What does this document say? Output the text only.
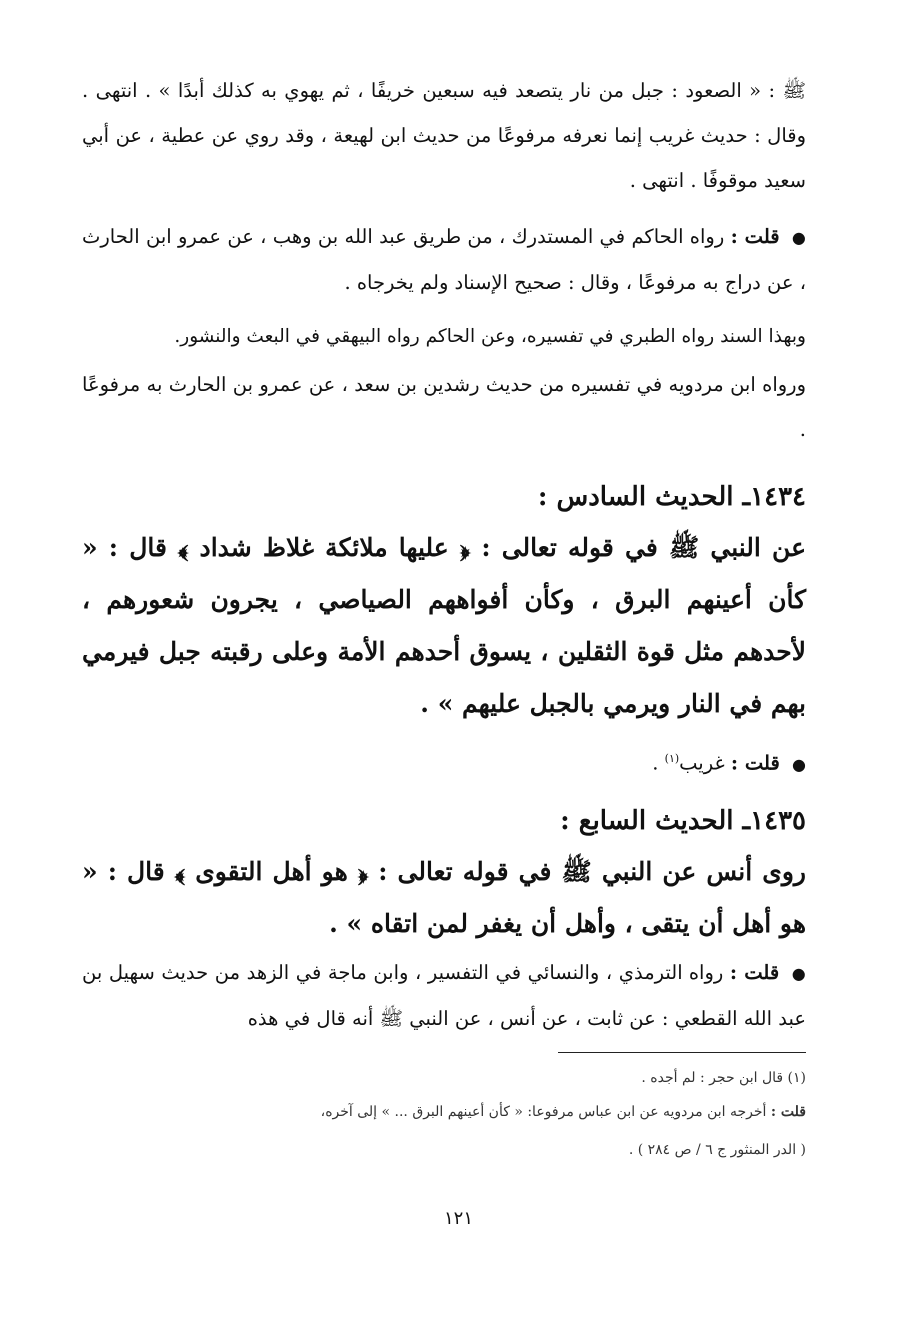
ﷺ : « الصعود : جبل من نار يتصعد فيه سبعين خريفًا ، ثم يهوي به كذلك أبدًا » . انتهى . وقال : حديث غريب إنما نعرفه مرفوعًا من حديث ابن لهيعة ، وقد روي عن عطية ، عن أبي سعيد موقوفًا . انتهى .

● قلت : رواه الحاكم في المستدرك ، من طريق عبد الله بن وهب ، عن عمرو ابن الحارث ، عن دراج به مرفوعًا ، وقال : صحيح الإسناد ولم يخرجاه .

وبهذا السند رواه الطبري في تفسيره، وعن الحاكم رواه البيهقي في البعث والنشور.

ورواه ابن مردويه في تفسيره من حديث رشدين بن سعد ، عن عمرو بن الحارث به مرفوعًا .

١٤٣٤ـ الحديث السادس :

عن النبي ﷺ في قوله تعالى : ﴿ عليها ملائكة غلاظ شداد ﴾ قال : « كأن أعينهم البرق ، وكأن أفواههم الصياصي ، يجرون شعورهم ، لأحدهم مثل قوة الثقلين ، يسوق أحدهم الأمة وعلى رقبته جبل فيرمي بهم في النار ويرمي بالجبل عليهم » .

● قلت : غريب$^{(١)}$ .

١٤٣٥ـ الحديث السابع :

روى أنس عن النبي ﷺ في قوله تعالى : ﴿ هو أهل التقوى ﴾ قال : « هو أهل أن يتقى ، وأهل أن يغفر لمن اتقاه » .

● قلت : رواه الترمذي ، والنسائي في التفسير ، وابن ماجة في الزهد من حديث سهيل بن عبد الله القطعي : عن ثابت ، عن أنس ، عن النبي ﷺ أنه قال في هذه

(١) قال ابن حجر : لم أجده .

قلت : أخرجه ابن مردويه عن ابن عباس مرفوعا: « كأن أعينهم البرق ... » إلى آخره،

( الدر المنثور ج ٦ / ص ٢٨٤ ) .

١٢١
